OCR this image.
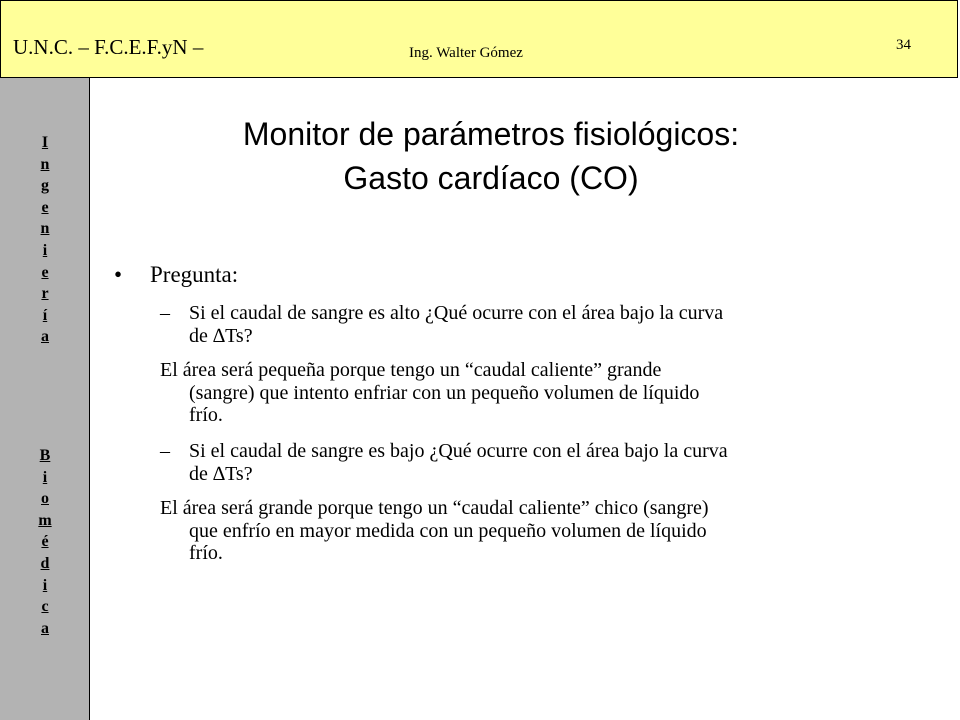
U.N.C. – F.C.E.F.yN –	Ing. Walter Gómez	34
I
n
g
e
n
i
e
r
í
a
B
i
o
m
é
d
i
c
a
Monitor de parámetros fisiológicos:
Gasto cardíaco (CO)
• Pregunta:
– Si el caudal de sangre es alto ¿Qué ocurre con el área bajo la curva
de ∆Ts?
El área será pequeña porque tengo un “caudal caliente” grande
(sangre) que intento enfriar con un pequeño volumen de líquido
frío.
– Si el caudal de sangre es bajo ¿Qué ocurre con el área bajo la curva
de ∆Ts?
El área será grande porque tengo un “caudal caliente” chico (sangre)
que enfrío en mayor medida con un pequeño volumen de líquido
frío.
